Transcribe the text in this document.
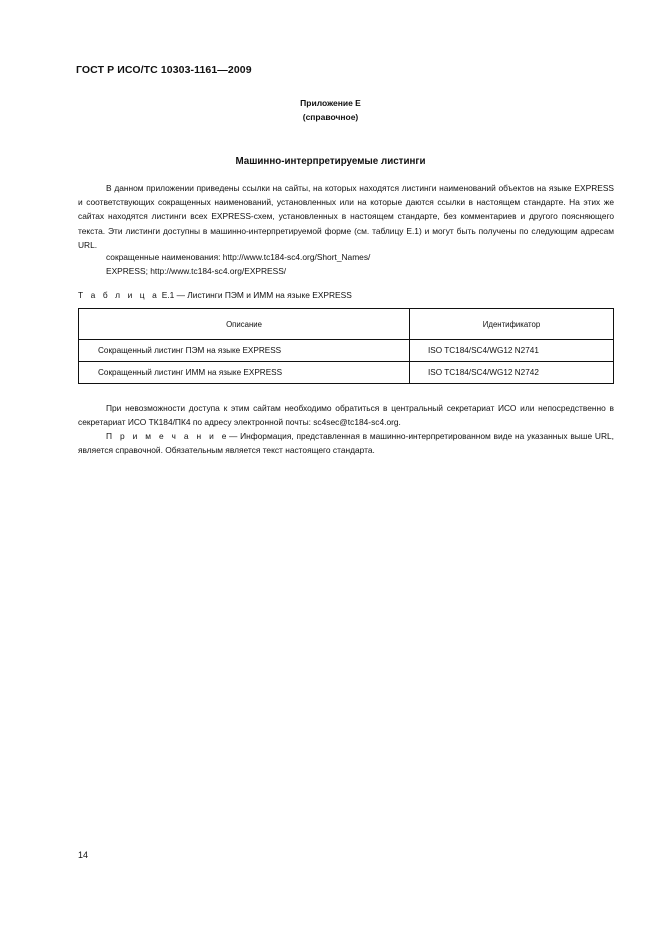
ГОСТ Р ИСО/ТС 10303-1161—2009
Приложение E
(справочное)
Машинно-интерпретируемые листинги

В данном приложении приведены ссылки на сайты, на которых находятся листинги наименований объектов на языке EXPRESS и соответствующих сокращенных наименований, установленных или на которые даются ссылки в настоящем стандарте. На этих же сайтах находятся листинги всех EXPRESS-схем, установленных в настоящем стандарте, без комментариев и другого поясняющего текста. Эти листинги доступны в машинно-интерпретируемой форме (см. таблицу E.1) и могут быть получены по следующим адресам URL.

сокращенные наименования: http://www.tc184-sc4.org/Short_Names/
EXPRESS; http://www.tc184-sc4.org/EXPRESS/
Т а б л и ц а E.1 — Листинги ПЭМ и ИММ на языке EXPRESS
Описание	Идентификатор
Сокращенный листинг ПЭМ на языке EXPRESS	ISO TC184/SC4/WG12 N2741
Сокращенный листинг ИММ на языке EXPRESS	ISO TC184/SC4/WG12 N2742

При невозможности доступа к этим сайтам необходимо обратиться в центральный секретариат ИСО или непосредственно в секретариат ИСО ТК184/ПК4 по адресу электронной почты: sc4sec@tc184-sc4.org.

П р и м е ч а н и е— Информация, представленная в машинно-интерпретированном виде на указанных выше URL, является справочной. Обязательным является текст настоящего стандарта.

14
